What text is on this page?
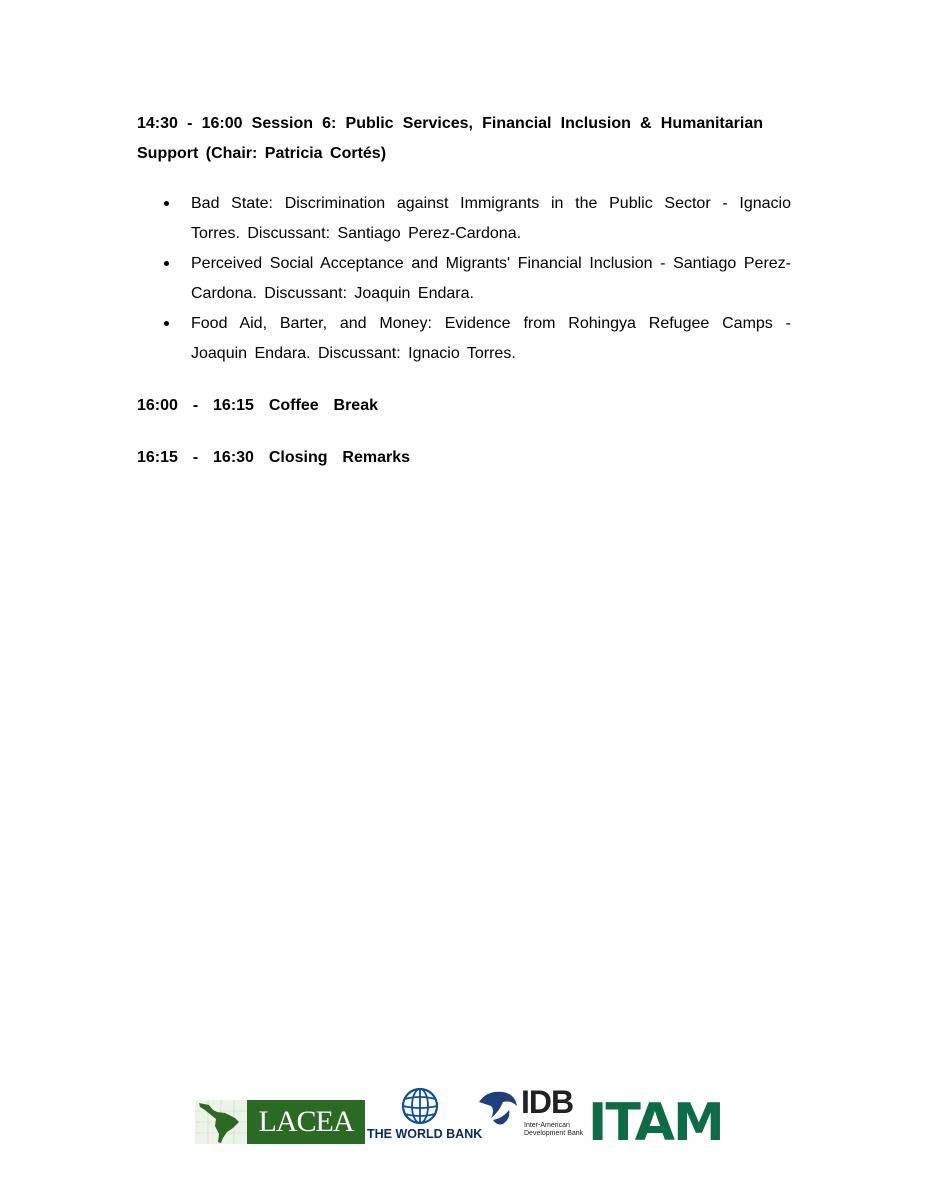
14:30 - 16:00 Session 6: Public Services, Financial Inclusion & Humanitarian Support (Chair: Patricia Cortés)
Bad State: Discrimination against Immigrants in the Public Sector - Ignacio Torres. Discussant: Santiago Perez-Cardona.
Perceived Social Acceptance and Migrants' Financial Inclusion - Santiago Perez-Cardona. Discussant: Joaquin Endara.
Food Aid, Barter, and Money: Evidence from Rohingya Refugee Camps - Joaquin Endara. Discussant: Ignacio Torres.
16:00  -  16:15  Coffee  Break
16:15  -  16:30  Closing  Remarks
LACEA	THE WORLD BANK
IDB
Inter-American
Development Bank ITAM
